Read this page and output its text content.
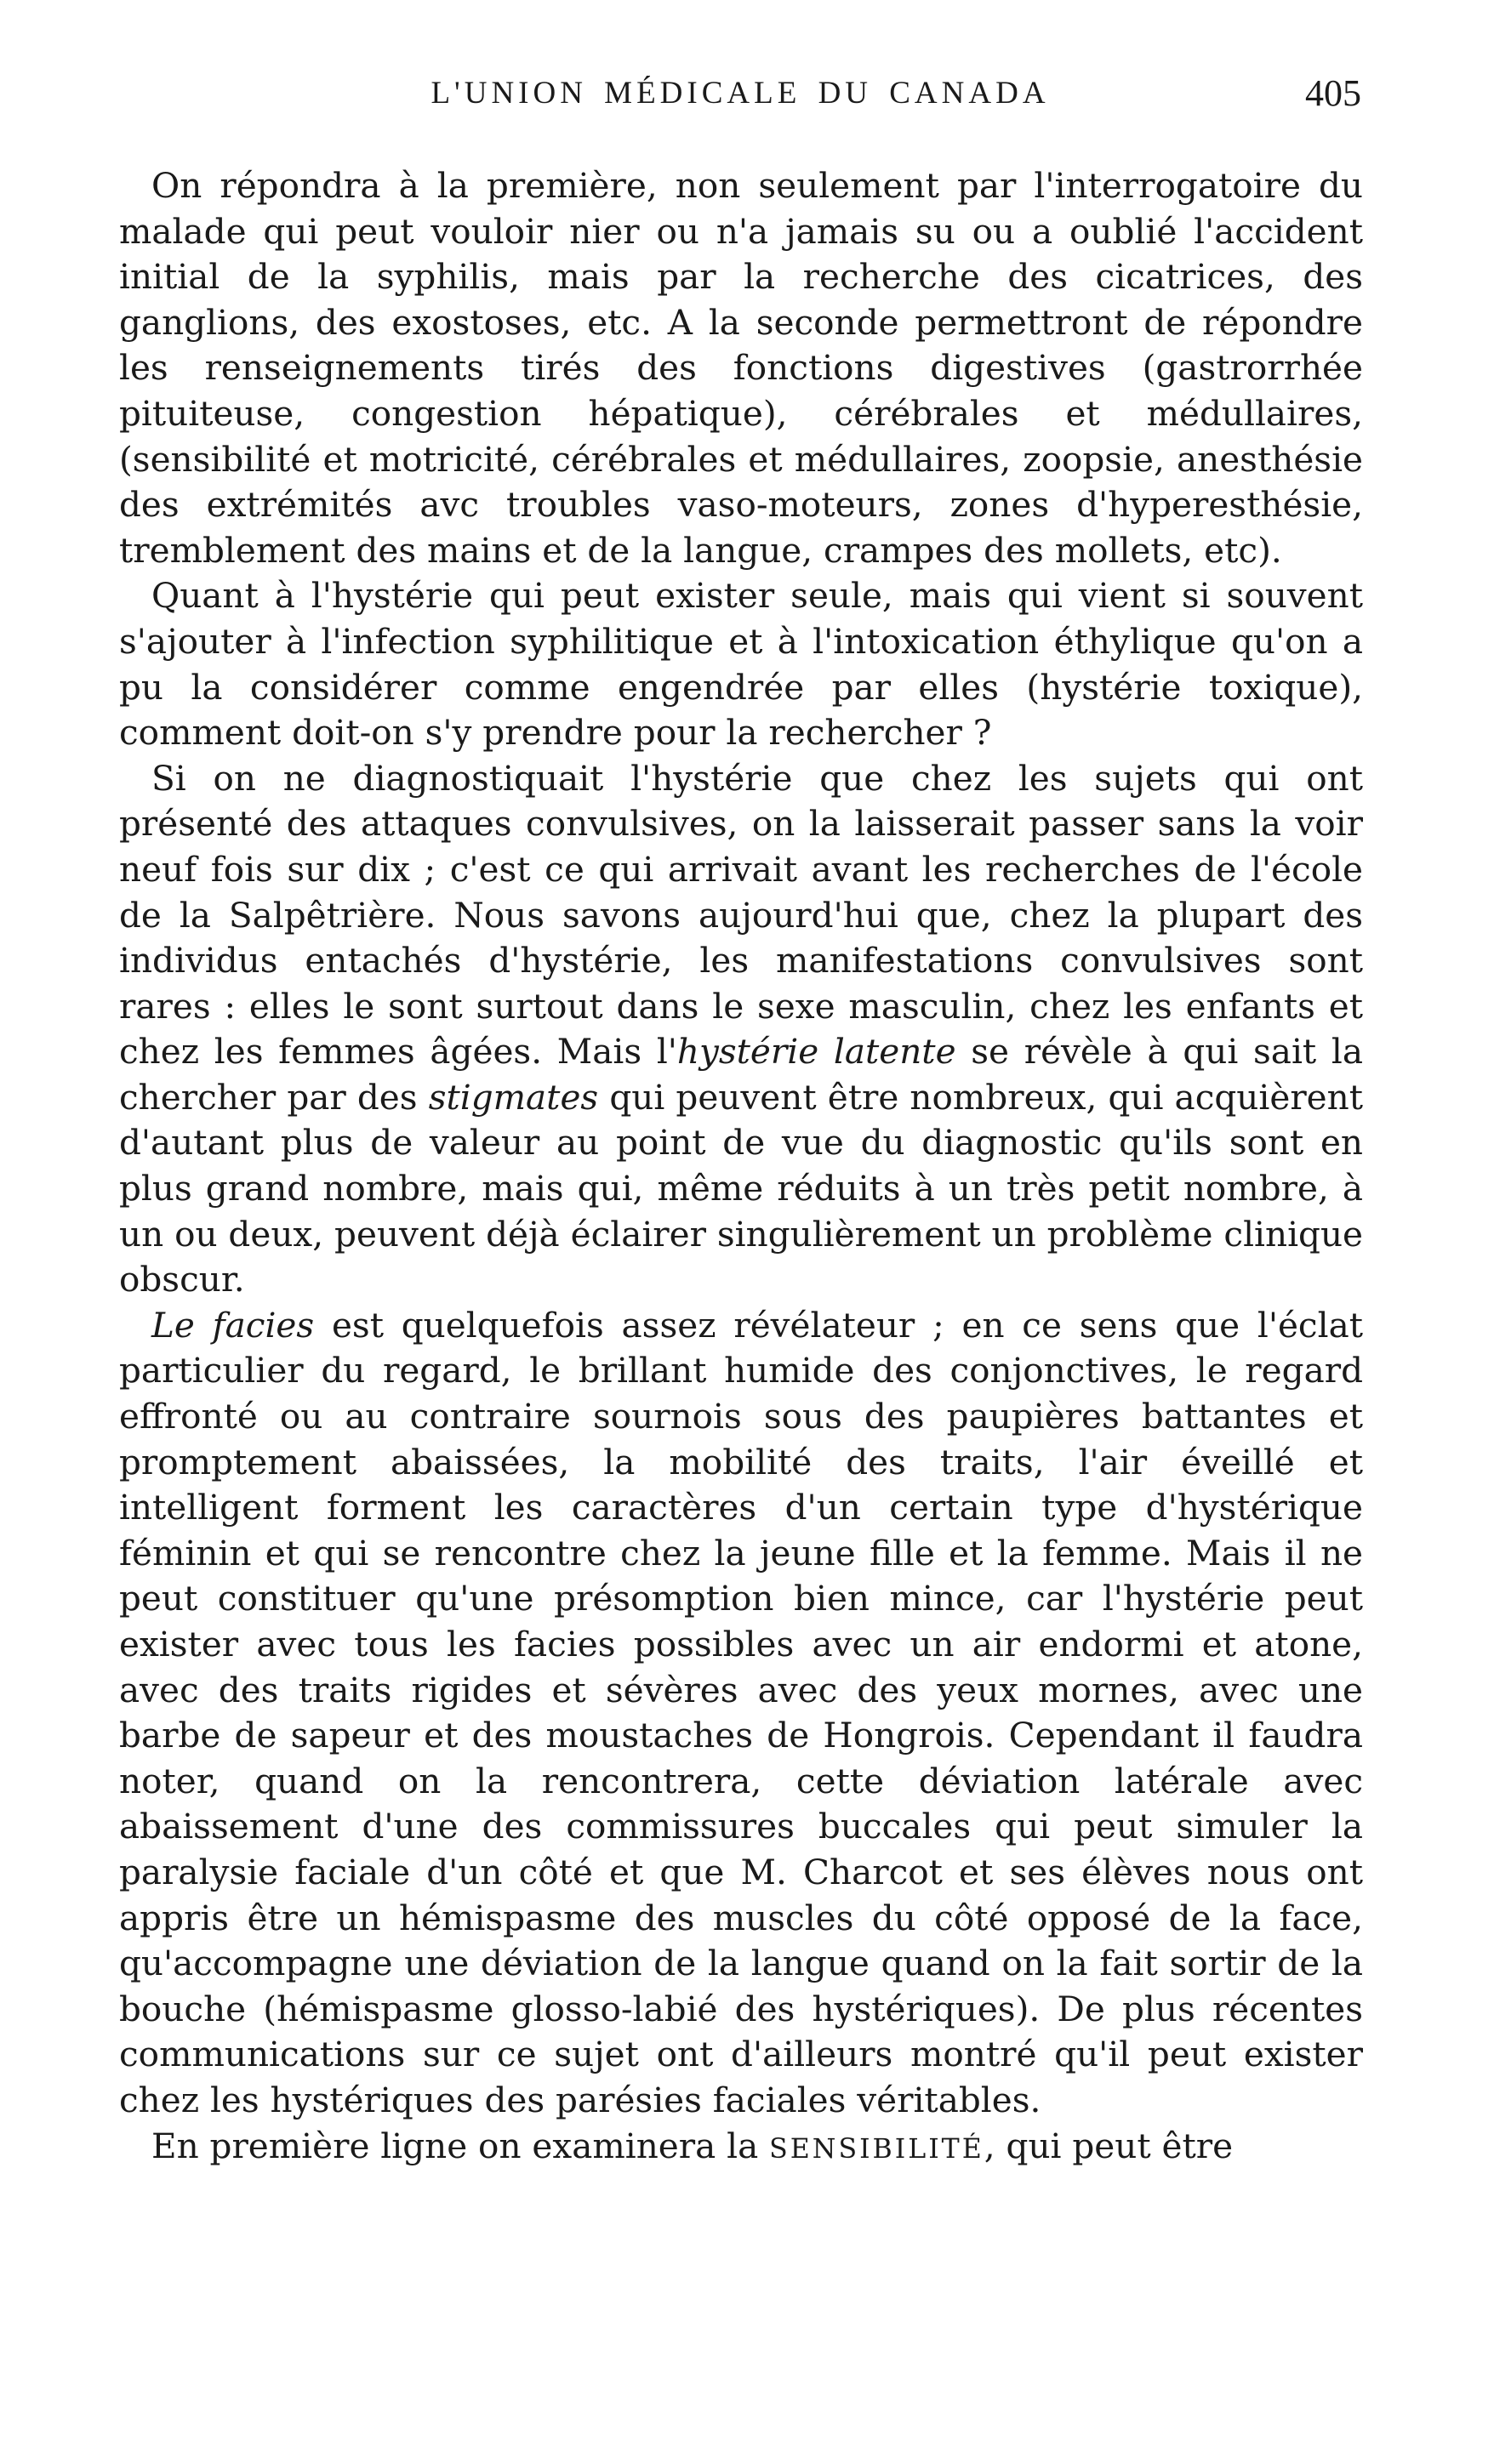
L'UNION MÉDICALE DU CANADA	405

On répondra à la première, non seulement par l'interrogatoire du malade qui peut vouloir nier ou n'a jamais su ou a oublié l'accident initial de la syphilis, mais par la recherche des cicatrices, des ganglions, des exostoses, etc. A la seconde permettront de répondre les renseignements tirés des fonctions digestives (gastrorrhée pituiteuse, congestion hépatique), cérébrales et médullaires, (sensibilité et motricité, cérébrales et médullaires, zoopsie, anesthésie des extrémités avc troubles vaso-moteurs, zones d'hyperesthésie, tremblement des mains et de la langue, crampes des mollets, etc).

Quant à l'hystérie qui peut exister seule, mais qui vient si souvent s'ajouter à l'infection syphilitique et à l'intoxication éthylique qu'on a pu la considérer comme engendrée par elles (hystérie toxique), comment doit-on s'y prendre pour la rechercher ?

Si on ne diagnostiquait l'hystérie que chez les sujets qui ont présenté des attaques convulsives, on la laisserait passer sans la voir neuf fois sur dix ; c'est ce qui arrivait avant les recherches de l'école de la Salpêtrière. Nous savons aujourd'hui que, chez la plupart des individus entachés d'hystérie, les manifestations convulsives sont rares : elles le sont surtout dans le sexe masculin, chez les enfants et chez les femmes âgées. Mais l'hystérie latente se révèle à qui sait la chercher par des stigmates qui peuvent être nombreux, qui acquièrent d'autant plus de valeur au point de vue du diagnostic qu'ils sont en plus grand nombre, mais qui, même réduits à un très petit nombre, à un ou deux, peuvent déjà éclairer singulièrement un problème clinique obscur.

Le facies est quelquefois assez révélateur ; en ce sens que l'éclat particulier du regard, le brillant humide des conjonctives, le regard effronté ou au contraire sournois sous des paupières battantes et promptement abaissées, la mobilité des traits, l'air éveillé et intelligent forment les caractères d'un certain type d'hystérique féminin et qui se rencontre chez la jeune fille et la femme. Mais il ne peut constituer qu'une présomption bien mince, car l'hystérie peut exister avec tous les facies possibles avec un air endormi et atone, avec des traits rigides et sévères avec des yeux mornes, avec une barbe de sapeur et des moustaches de Hongrois. Cependant il faudra noter, quand on la rencontrera, cette déviation latérale avec abaissement d'une des commissures buccales qui peut simuler la paralysie faciale d'un côté et que M. Charcot et ses élèves nous ont appris être un hémispasme des muscles du côté opposé de la face, qu'accompagne une déviation de la langue quand on la fait sortir de la bouche (hémispasme glosso-labié des hystériques). De plus récentes communications sur ce sujet ont d'ailleurs montré qu'il peut exister chez les hystériques des parésies faciales véritables.

En première ligne on examinera la SENSIBILITÉ, qui peut être
